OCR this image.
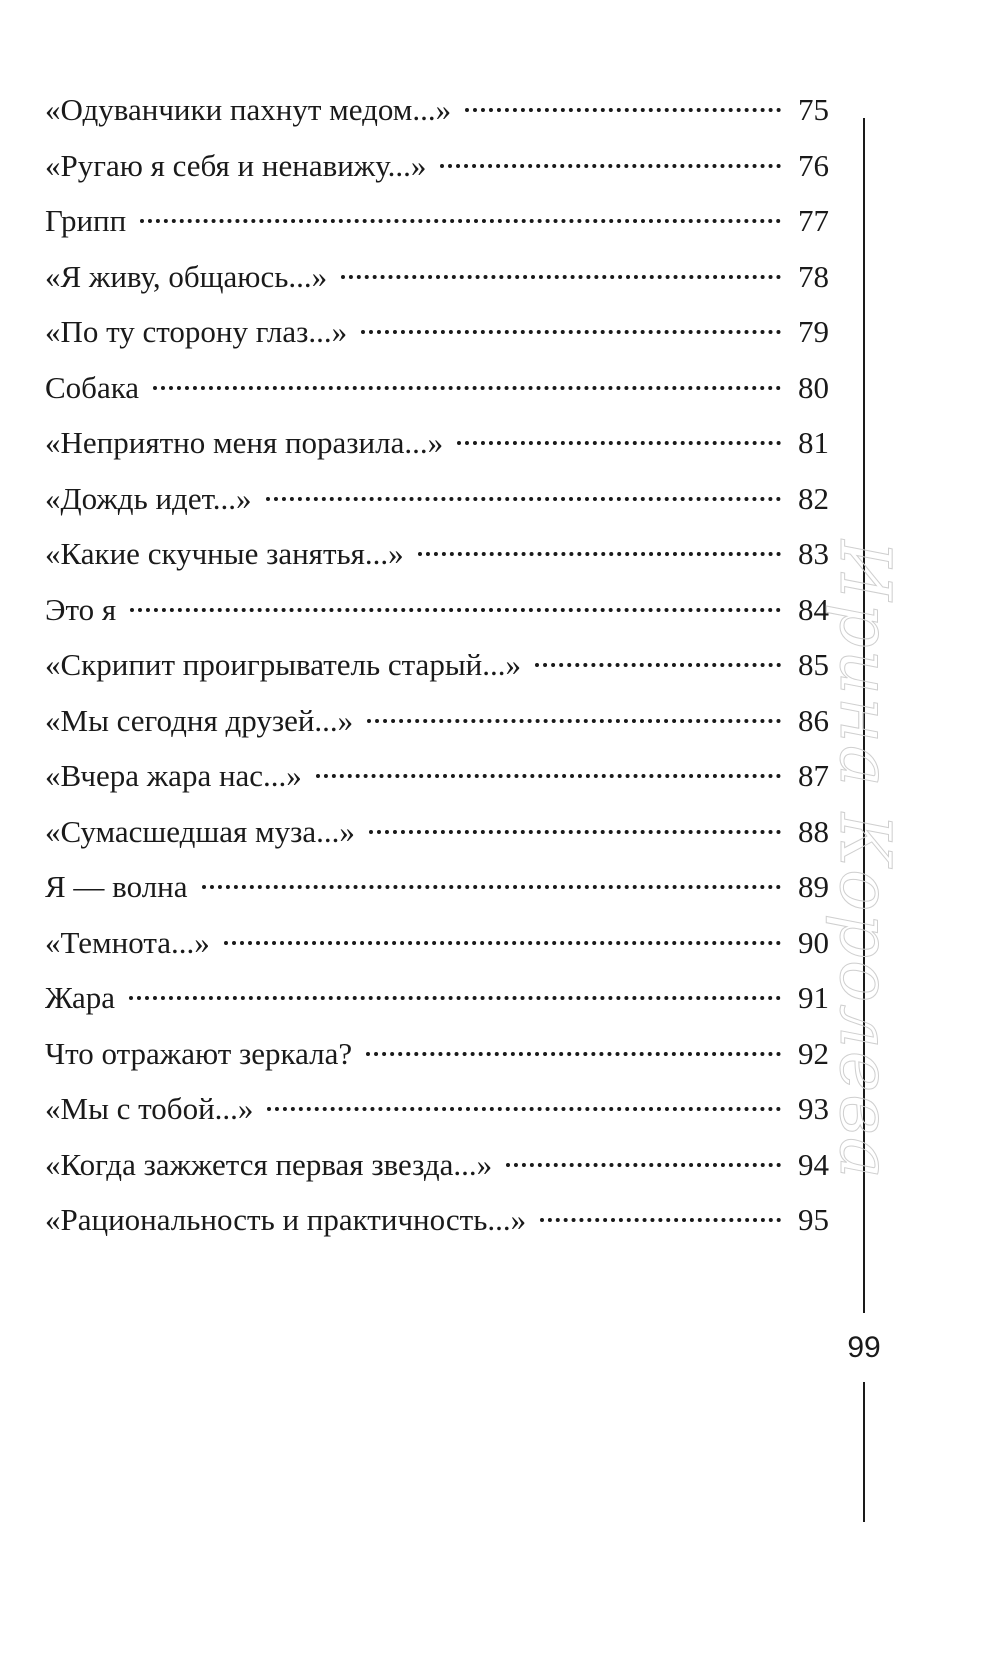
«Одуванчики пахнут медом...»	75
«Ругаю я себя и ненавижу...»	76
Грипп	77
«Я живу, общаюсь...»	78
«По ту сторону глаз...»	79
Собака	80
«Неприятно меня поразила...»	81
«Дождь идет...»	82
«Какие скучные занятья...»	83
Это я	84
«Скрипит проигрыватель старый...»	85
«Мы сегодня друзей...»	86
«Вчера жара нас...»	87
«Сумасшедшая муза...»	88
Я — волна	89
«Темнота...»	90
Жара	91
Что отражают зеркала?	92
«Мы с тобой...»	93
«Когда зажжется первая звезда...»	94
«Рациональность и практичность...»	95
99
Ирина Королева
